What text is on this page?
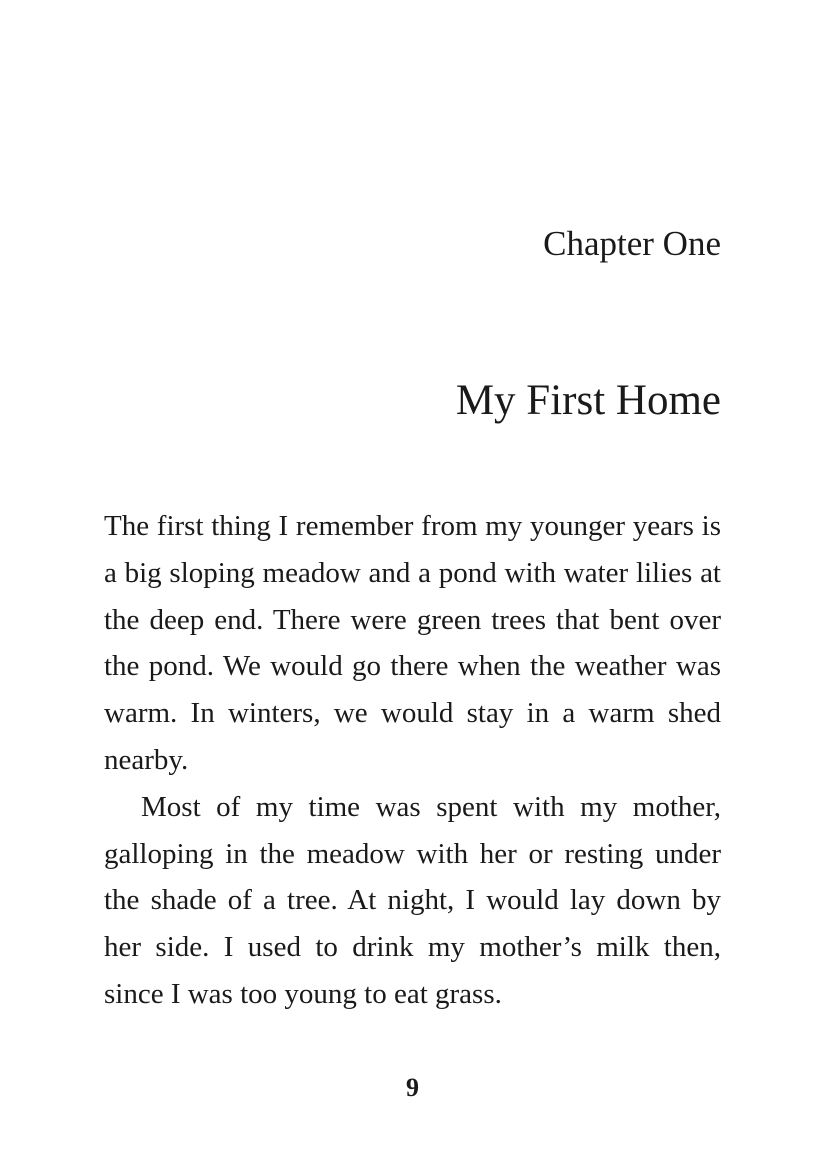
Chapter One
My First Home

The first thing I remember from my younger years is a big sloping meadow and a pond with water lilies at the deep end. There were green trees that bent over the pond. We would go there when the weather was warm. In winters, we would stay in a warm shed nearby.

Most of my time was spent with my mother, galloping in the meadow with her or resting under the shade of a tree. At night, I would lay down by her side. I used to drink my mother’s milk then, since I was too young to eat grass.

9
